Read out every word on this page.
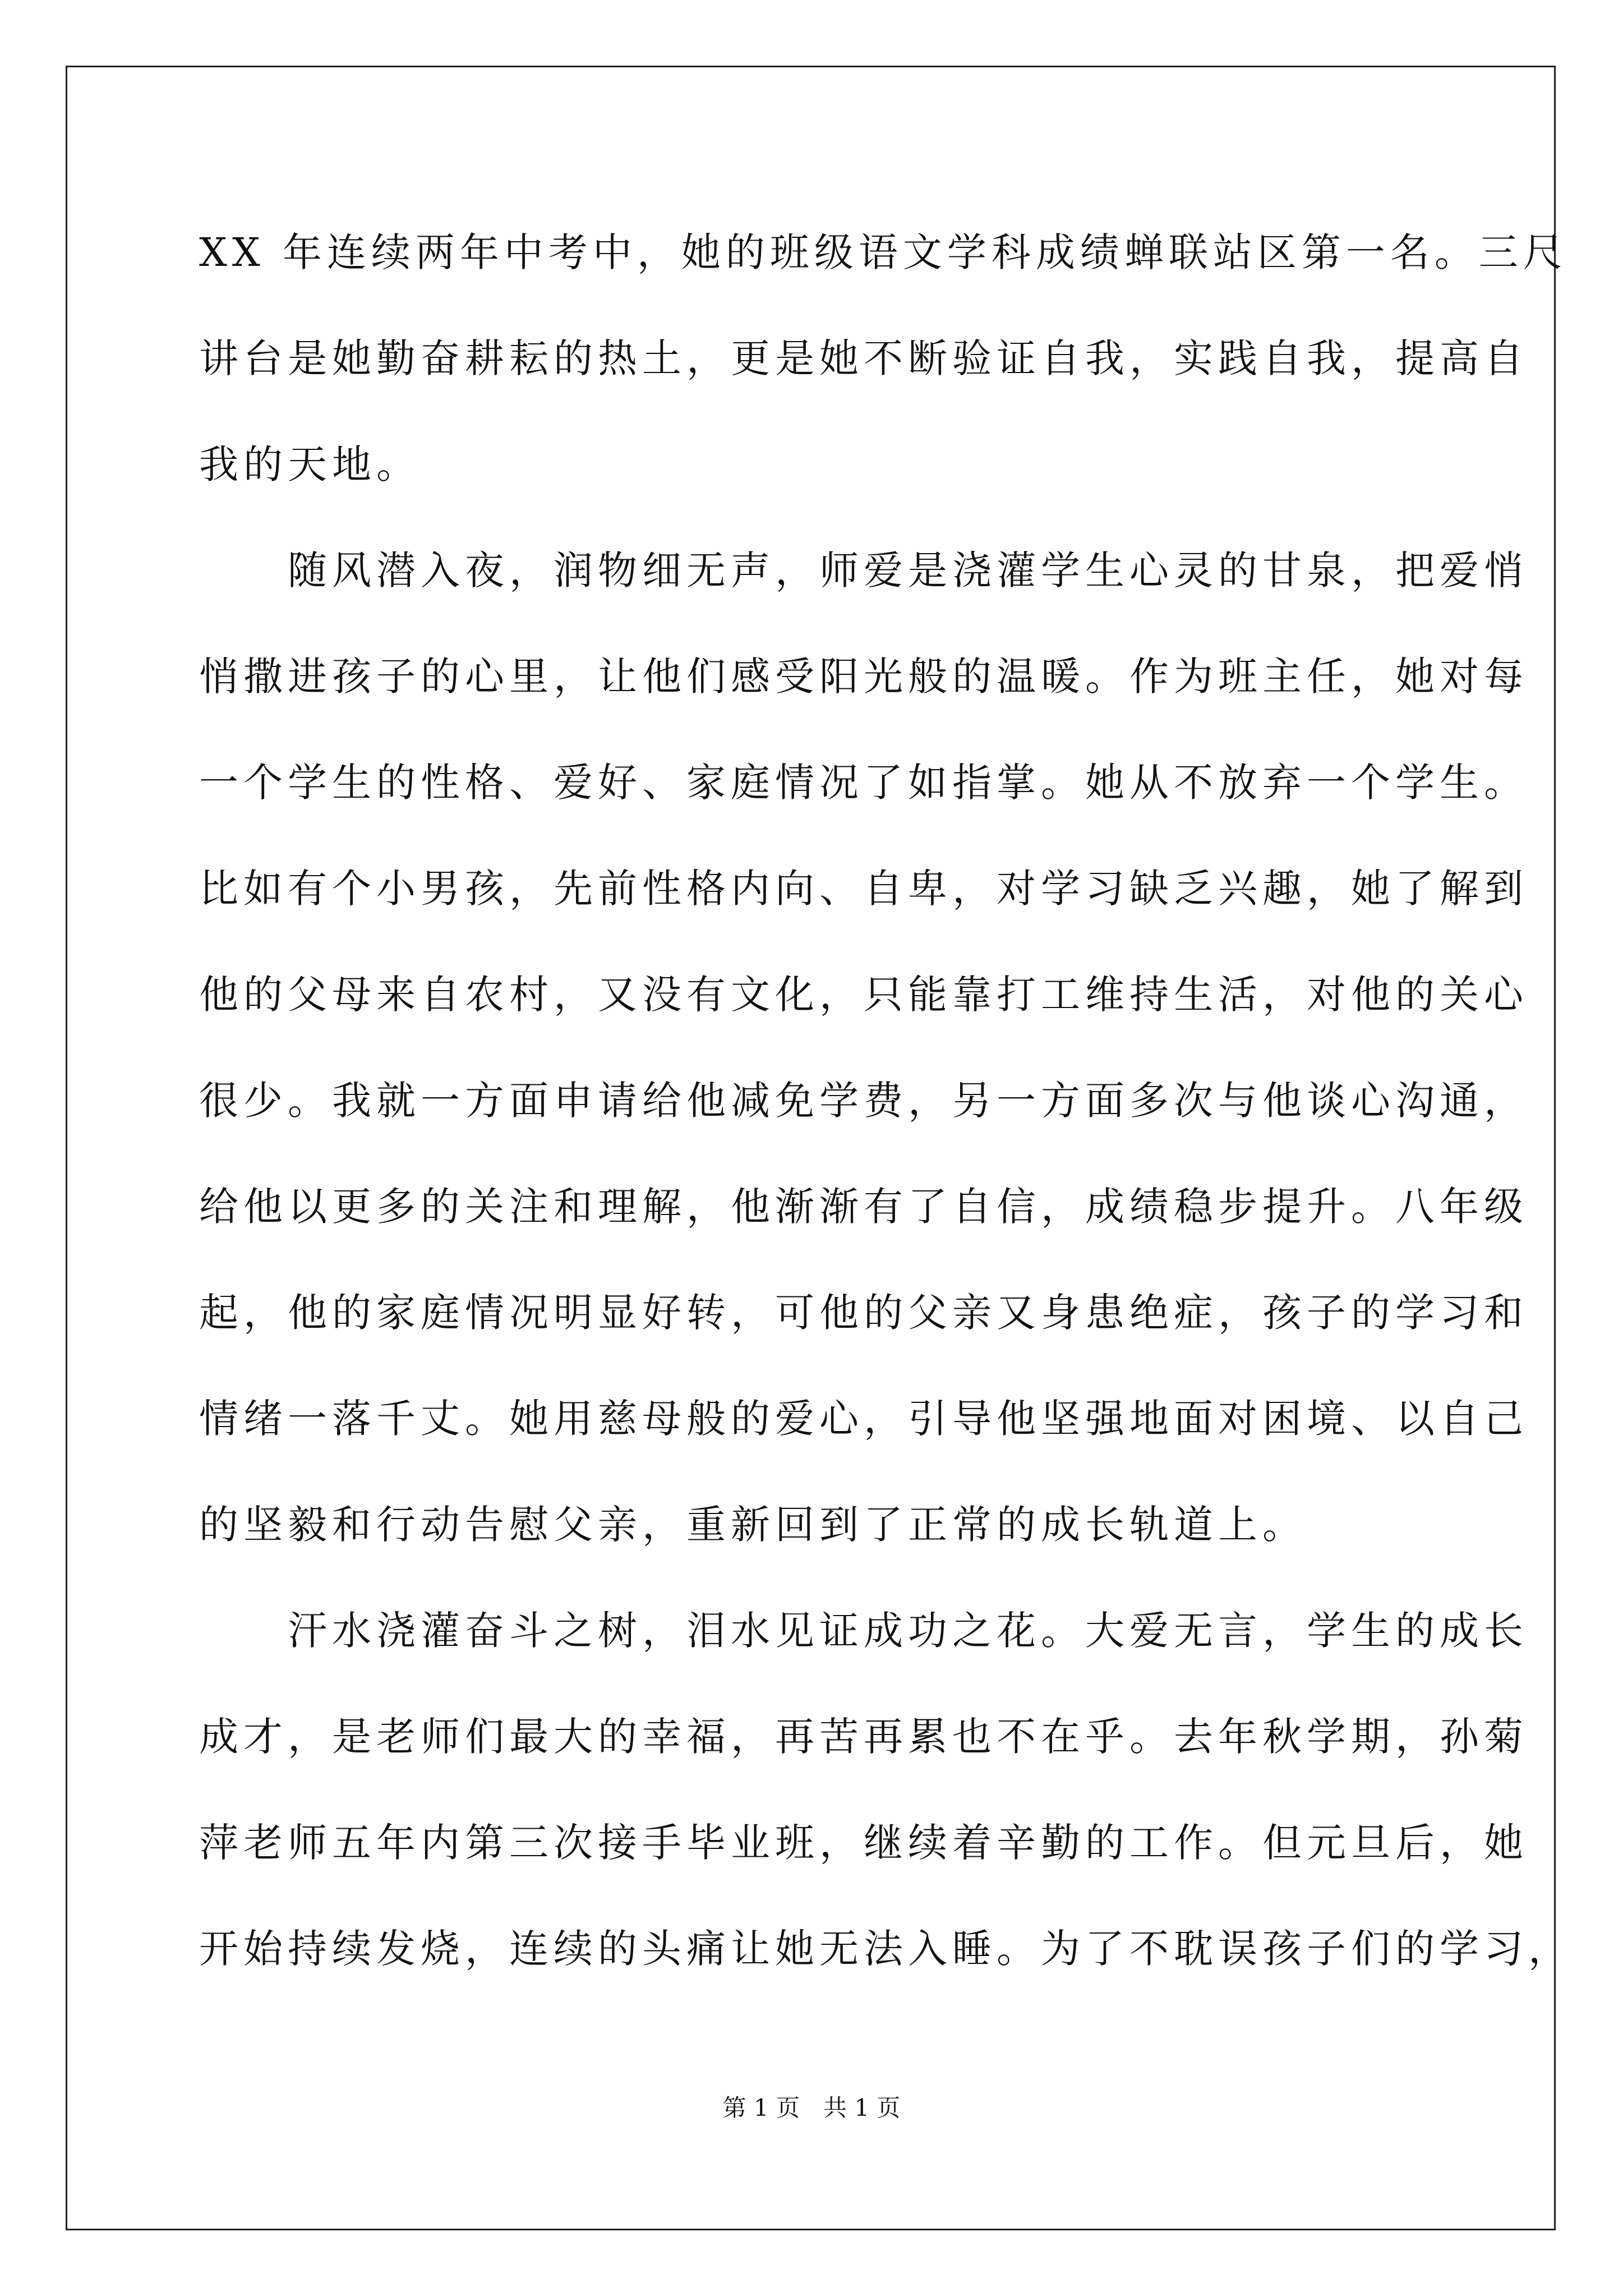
XX 年连续两年中考中，她的班级语文学科成绩蝉联站区第一名。三尺
讲台是她勤奋耕耘的热土，更是她不断验证自我，实践自我，提高自
我的天地。
　　随风潜入夜，润物细无声，师爱是浇灌学生心灵的甘泉，把爱悄
悄撒进孩子的心里，让他们感受阳光般的温暖。作为班主任，她对每
一个学生的性格、爱好、家庭情况了如指掌。她从不放弃一个学生。
比如有个小男孩，先前性格内向、自卑，对学习缺乏兴趣，她了解到
他的父母来自农村，又没有文化，只能靠打工维持生活，对他的关心
很少。我就一方面申请给他减免学费，另一方面多次与他谈心沟通，
给他以更多的关注和理解，他渐渐有了自信，成绩稳步提升。八年级
起，他的家庭情况明显好转，可他的父亲又身患绝症，孩子的学习和
情绪一落千丈。她用慈母般的爱心，引导他坚强地面对困境、以自己
的坚毅和行动告慰父亲，重新回到了正常的成长轨道上。
　　汗水浇灌奋斗之树，泪水见证成功之花。大爱无言，学生的成长
成才，是老师们最大的幸福，再苦再累也不在乎。去年秋学期，孙菊
萍老师五年内第三次接手毕业班，继续着辛勤的工作。但元旦后，她
开始持续发烧，连续的头痛让她无法入睡。为了不耽误孩子们的学习，
第 1 页　共 1 页
